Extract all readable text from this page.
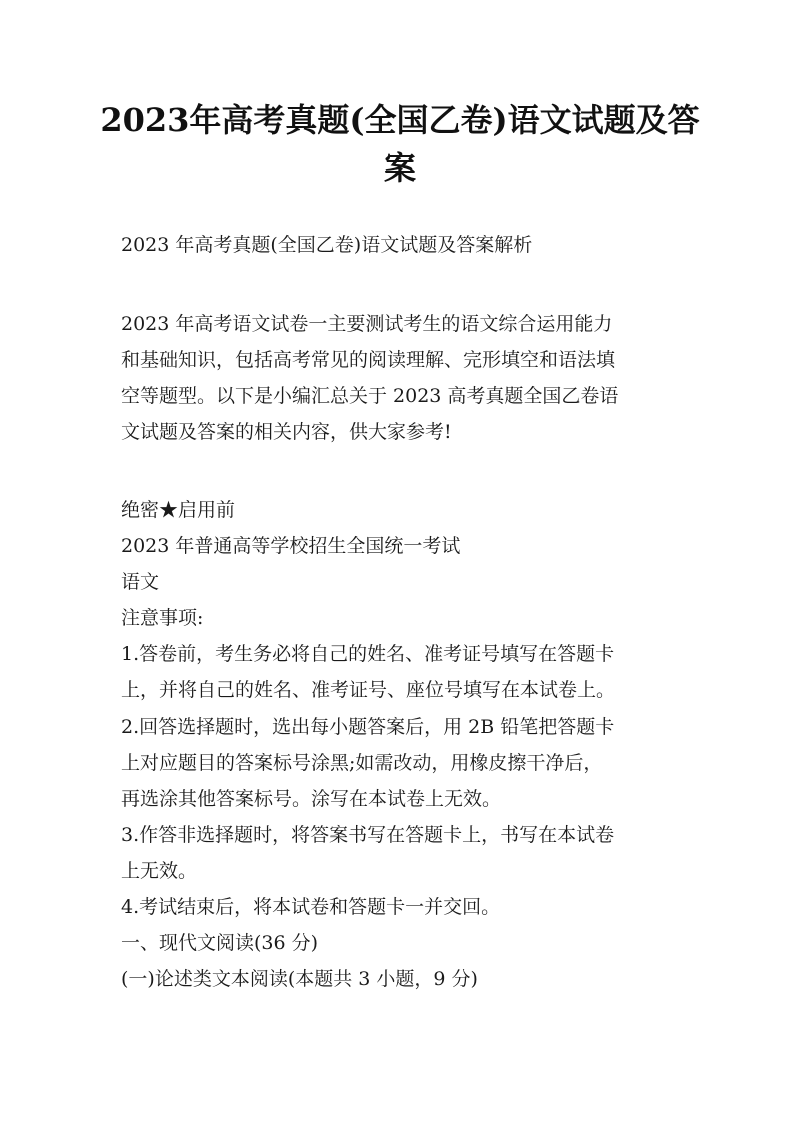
2023年高考真题(全国乙卷)语文试题及答
案
2023 年高考真题(全国乙卷)语文试题及答案解析
2023 年高考语文试卷一主要测试考生的语文综合运用能力
和基础知识，包括高考常见的阅读理解、完形填空和语法填
空等题型。以下是小编汇总关于 2023 高考真题全国乙卷语
文试题及答案的相关内容，供大家参考!
绝密★启用前
2023 年普通高等学校招生全国统一考试
语文
注意事项:
1.答卷前，考生务必将自己的姓名、准考证号填写在答题卡
上，并将自己的姓名、准考证号、座位号填写在本试卷上。
2.回答选择题时，选出每小题答案后，用 2B 铅笔把答题卡
上对应题目的答案标号涂黑;如需改动，用橡皮擦干净后，
再选涂其他答案标号。涂写在本试卷上无效。
3.作答非选择题时，将答案书写在答题卡上，书写在本试卷
上无效。
4.考试结束后，将本试卷和答题卡一并交回。
一、现代文阅读(36 分)
(一)论述类文本阅读(本题共 3 小题，9 分)
